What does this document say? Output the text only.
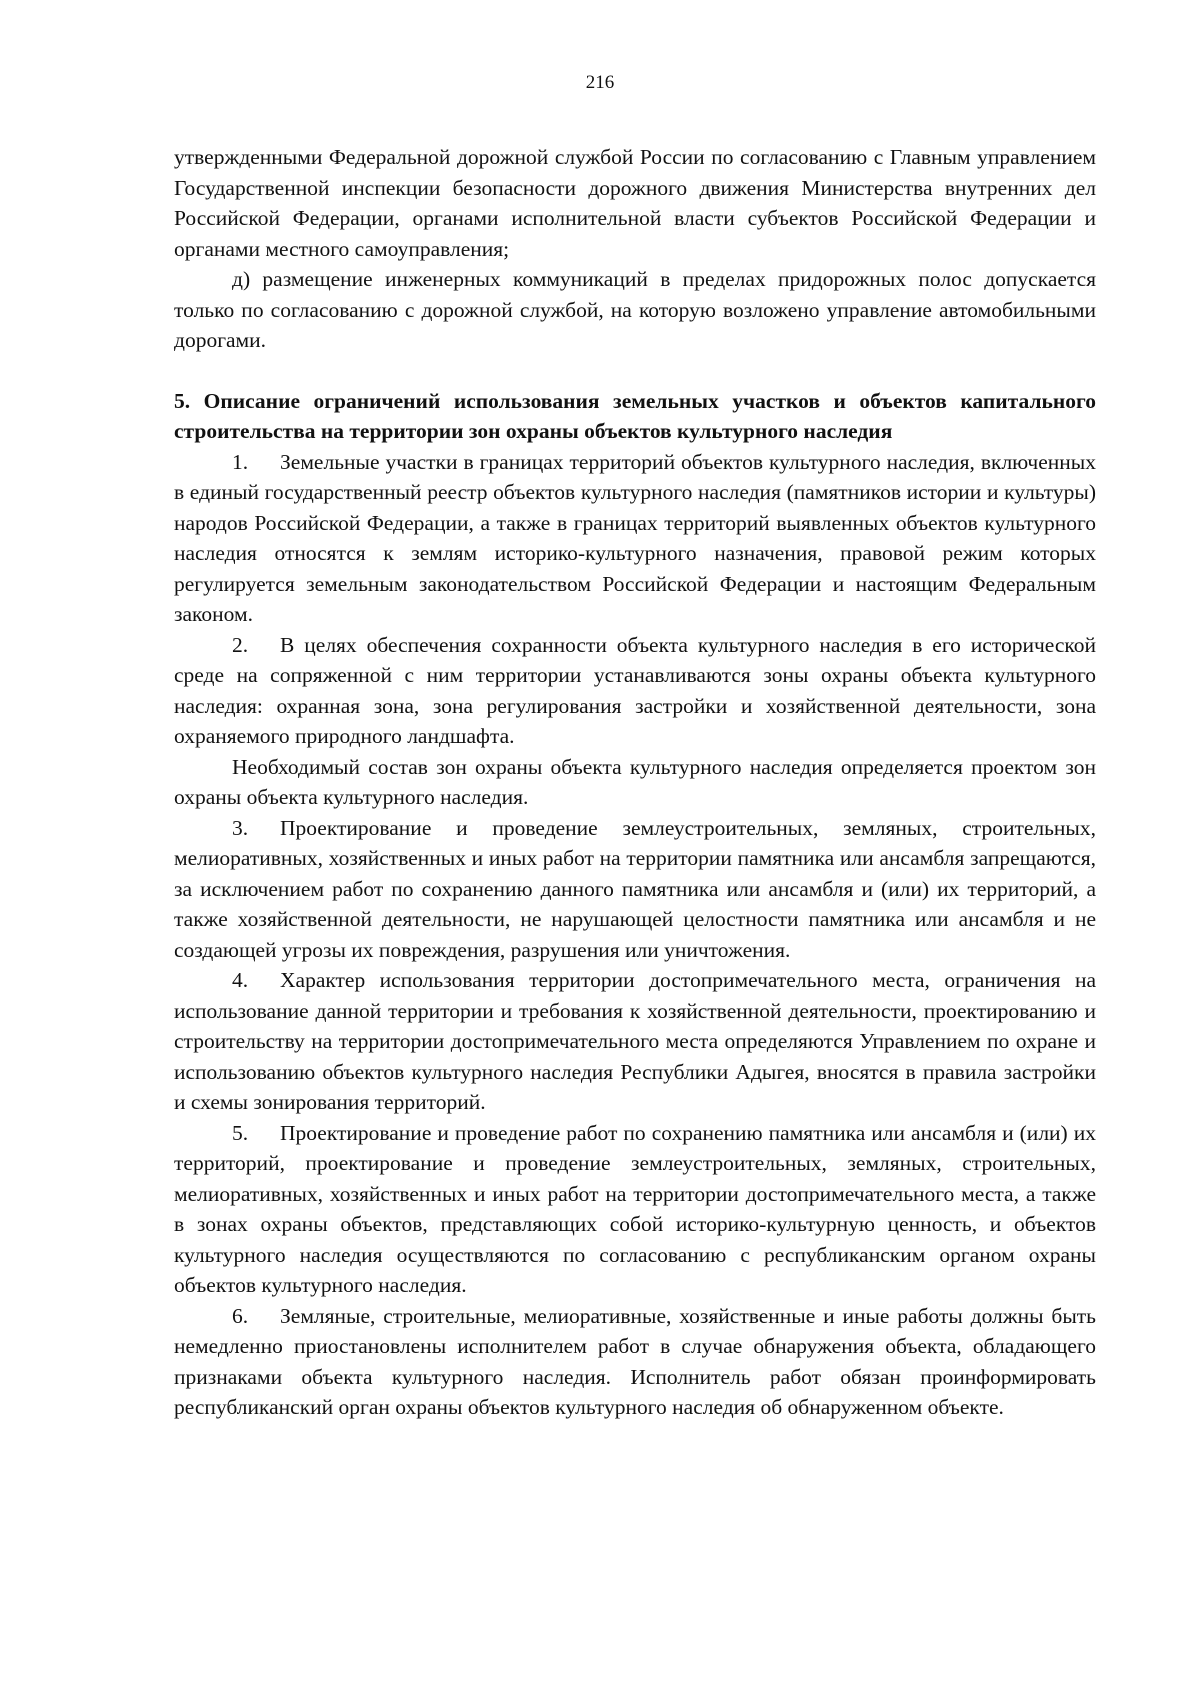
216

утвержденными Федеральной дорожной службой России по согласованию с Главным управлением Государственной инспекции безопасности дорожного движения Министерства внутренних дел Российской Федерации, органами исполнительной власти субъектов Российской Федерации и органами местного самоуправления;

д) размещение инженерных коммуникаций в пределах придорожных полос допускается только по согласованию с дорожной службой, на которую возложено управление автомобильными дорогами.

5. Описание ограничений использования земельных участков и объектов капитального строительства на территории зон охраны объектов культурного наследия

1. Земельные участки в границах территорий объектов культурного наследия, включенных в единый государственный реестр объектов культурного наследия (памятников истории и культуры) народов Российской Федерации, а также в границах территорий выявленных объектов культурного наследия относятся к землям историко-культурного назначения, правовой режим которых регулируется земельным законодательством Российской Федерации и настоящим Федеральным законом.

2. В целях обеспечения сохранности объекта культурного наследия в его исторической среде на сопряженной с ним территории устанавливаются зоны охраны объекта культурного наследия: охранная зона, зона регулирования застройки и хозяйственной деятельности, зона охраняемого природного ландшафта.

Необходимый состав зон охраны объекта культурного наследия определяется проектом зон охраны объекта культурного наследия.

3. Проектирование и проведение землеустроительных, земляных, строительных, мелиоративных, хозяйственных и иных работ на территории памятника или ансамбля запрещаются, за исключением работ по сохранению данного памятника или ансамбля и (или) их территорий, а также хозяйственной деятельности, не нарушающей целостности памятника или ансамбля и не создающей угрозы их повреждения, разрушения или уничтожения.

4. Характер использования территории достопримечательного места, ограничения на использование данной территории и требования к хозяйственной деятельности, проектированию и строительству на территории достопримечательного места определяются Управлением по охране и использованию объектов культурного наследия Республики Адыгея, вносятся в правила застройки и схемы зонирования территорий.

5. Проектирование и проведение работ по сохранению памятника или ансамбля и (или) их территорий, проектирование и проведение землеустроительных, земляных, строительных, мелиоративных, хозяйственных и иных работ на территории достопримечательного места, а также в зонах охраны объектов, представляющих собой историко-культурную ценность, и объектов культурного наследия осуществляются по согласованию с республиканским органом охраны объектов культурного наследия.

6. Земляные, строительные, мелиоративные, хозяйственные и иные работы должны быть немедленно приостановлены исполнителем работ в случае обнаружения объекта, обладающего признаками объекта культурного наследия. Исполнитель работ обязан проинформировать республиканский орган охраны объектов культурного наследия об обнаруженном объекте.
